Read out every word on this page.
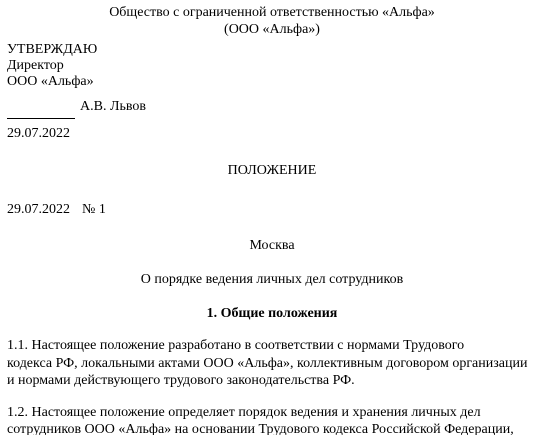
Общество с ограниченной ответственностью «Альфа»
(ООО «Альфа»)
УТВЕРЖДАЮ
Директор
ООО «Альфа»
А.В. Львов
29.07.2022
ПОЛОЖЕНИЕ
29.07.2022 № 1
Москва
О порядке ведения личных дел сотрудников
1. Общие положения
1.1. Настоящее положение разработано в соответствии с нормами Трудового
кодекса РФ, локальными актами ООО «Альфа», коллективным договором организации
и нормами действующего трудового законодательства РФ.
1.2. Настоящее положение определяет порядок ведения и хранения личных дел
сотрудников ООО «Альфа» на основании Трудового кодекса Российской Федерации,
